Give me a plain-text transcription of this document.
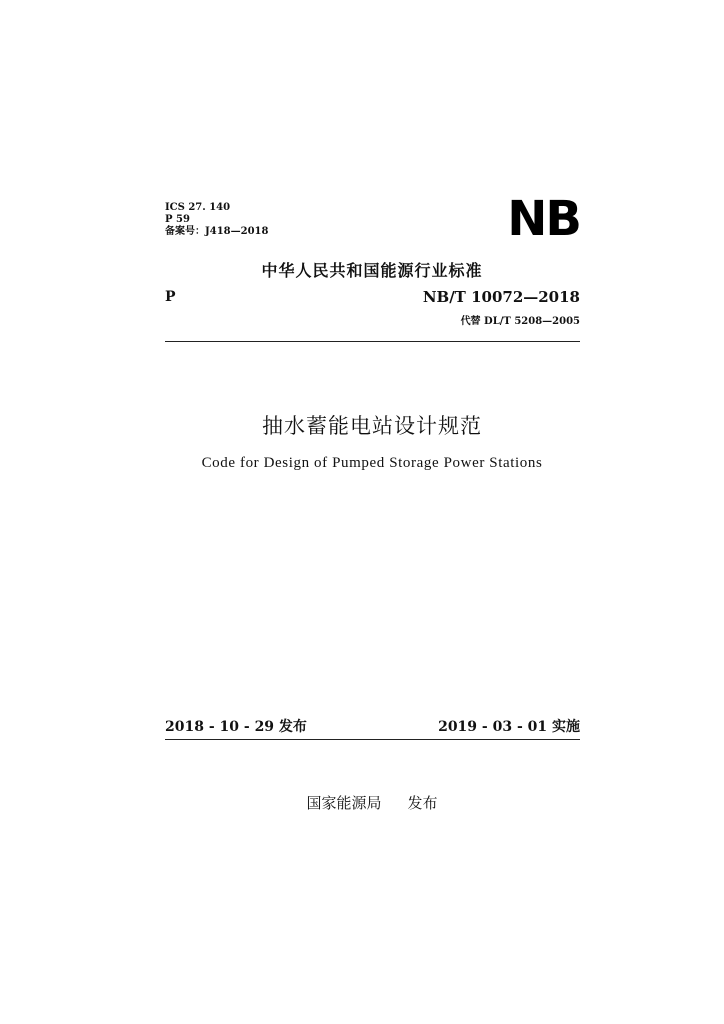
ICS 27. 140
P 59
备案号：J418—2018	NB
中华人民共和国能源行业标准
P	NB/T 10072—2018
代替 DL/T 5208—2005
抽水蓄能电站设计规范
Code for Design of Pumped Storage Power Stations
2018 - 10 - 29 发布	2019 - 03 - 01 实施
国家能源局 发布
